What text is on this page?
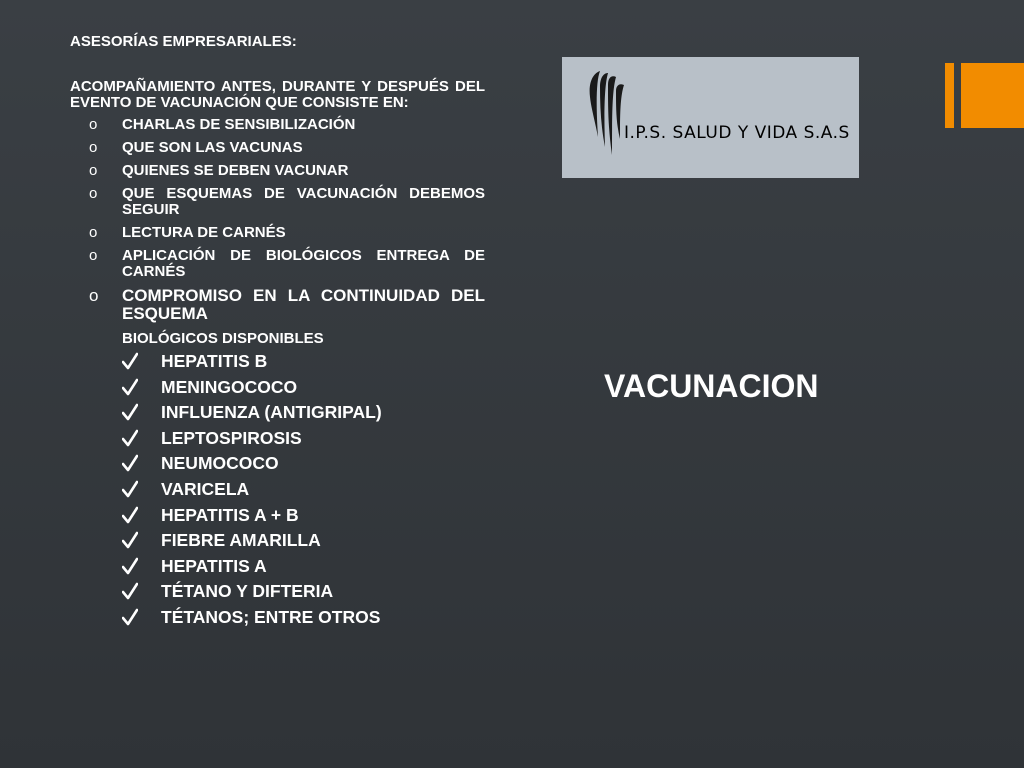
ASESORÍAS EMPRESARIALES:

ACOMPAÑAMIENTO ANTES, DURANTE Y DESPUÉS DEL EVENTO DE VACUNACIÓN QUE CONSISTE EN:

o	CHARLAS DE SENSIBILIZACIÓN
o	QUE SON LAS VACUNAS
o	QUIENES SE DEBEN VACUNAR
o	QUE ESQUEMAS DE VACUNACIÓN DEBEMOS SEGUIR
o	LECTURA DE CARNÉS
o	APLICACIÓN DE BIOLÓGICOS ENTREGA DE CARNÉS
o COMPROMISO EN LA CONTINUIDAD DEL ESQUEMA

BIOLÓGICOS DISPONIBLES

HEPATITIS B
MENINGOCOCO
INFLUENZA (ANTIGRIPAL)
LEPTOSPIROSIS
NEUMOCOCO
VARICELA
HEPATITIS A + B
FIEBRE AMARILLA
HEPATITIS A
TÉTANO Y DIFTERIA
TÉTANOS; ENTRE OTROS
I.P.S. SALUD Y VIDA S.A.S
VACUNACION
